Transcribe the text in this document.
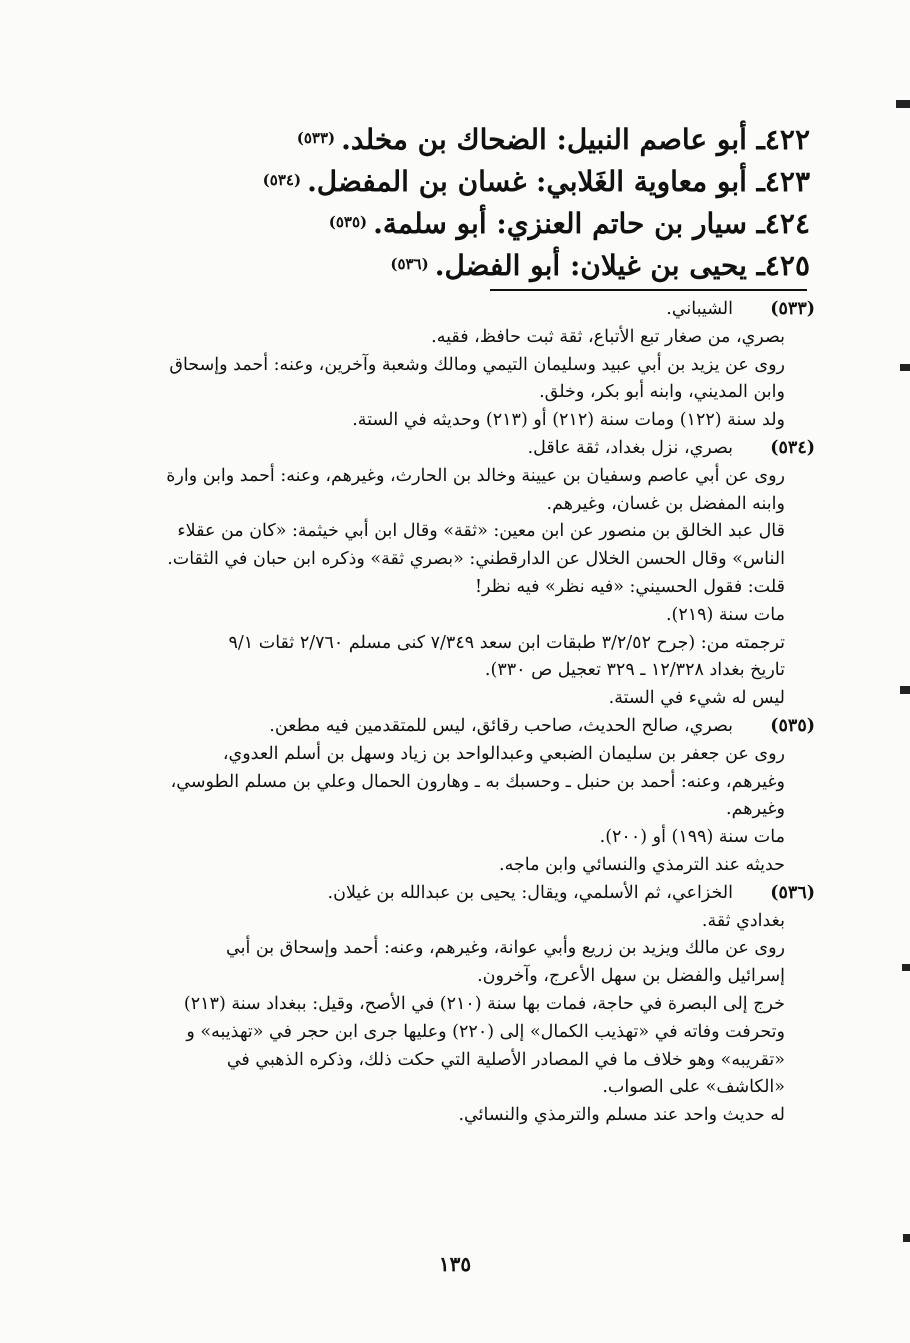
٤٢٢ـ أبو عاصم النبيل: الضحاك بن مخلد.$^{(٥٣٣)}$
٤٢٣ـ أبو معاوية الغَلابي: غسان بن المفضل.$^{(٥٣٤)}$
٤٢٤ـ سيار بن حاتم العنزي: أبو سلمة.$^{(٥٣٥)}$
٤٢٥ـ يحيى بن غيلان: أبو الفضل.$^{(٥٣٦)}$
(٥٣٣)
الشيباني.
بصري، من صغار تبع الأتباع، ثقة ثبت حافظ، فقيه.
روى عن يزيد بن أبي عبيد وسليمان التيمي ومالك وشعبة وآخرين، وعنه: أحمد وإسحاق
وابن المديني، وابنه أبو بكر، وخلق.
ولد سنة (١٢٢) ومات سنة (٢١٢) أو (٢١٣) وحديثه في الستة.
(٥٣٤)
بصري، نزل بغداد، ثقة عاقل.
روى عن أبي عاصم وسفيان بن عيينة وخالد بن الحارث، وغيرهم، وعنه: أحمد وابن وارة
وابنه المفضل بن غسان، وغيرهم.
قال عبد الخالق بن منصور عن ابن معين: «ثقة» وقال ابن أبي خيثمة: «كان من عقلاء
الناس» وقال الحسن الخلال عن الدارقطني: «بصري ثقة» وذكره ابن حبان في الثقات.
قلت: فقول الحسيني: «فيه نظر» فيه نظر!
مات سنة (٢١٩).
ترجمته من: (جرح ٣/٢/٥٢ طبقات ابن سعد ٧/٣٤٩ كنى مسلم ٢/٧٦٠ ثقات ٩/١
تاريخ بغداد ١٢/٣٢٨ ـ ٣٢٩ تعجيل ص ٣٣٠).
ليس له شيء في الستة.
(٥٣٥)
بصري، صالح الحديث، صاحب رقائق، ليس للمتقدمين فيه مطعن.
روى عن جعفر بن سليمان الضبعي وعبدالواحد بن زياد وسهل بن أسلم العدوي،
وغيرهم، وعنه: أحمد بن حنبل ـ وحسبك به ـ وهارون الحمال وعلي بن مسلم الطوسي،
وغيرهم.
مات سنة (١٩٩) أو (٢٠٠).
حديثه عند الترمذي والنسائي وابن ماجه.
(٥٣٦)
الخزاعي، ثم الأسلمي، ويقال: يحيى بن عبدالله بن غيلان.
بغدادي ثقة.
روى عن مالك ويزيد بن زريع وأبي عوانة، وغيرهم، وعنه: أحمد وإسحاق بن أبي
إسرائيل والفضل بن سهل الأعرج، وآخرون.
خرج إلى البصرة في حاجة، فمات بها سنة (٢١٠) في الأصح، وقيل: ببغداد سنة (٢١٣)
وتحرفت وفاته في «تهذيب الكمال» إلى (٢٢٠) وعليها جرى ابن حجر في «تهذيبه» و
«تقريبه» وهو خلاف ما في المصادر الأصلية التي حكت ذلك، وذكره الذهبي في
«الكاشف» على الصواب.
له حديث واحد عند مسلم والترمذي والنسائي.
١٣٥
